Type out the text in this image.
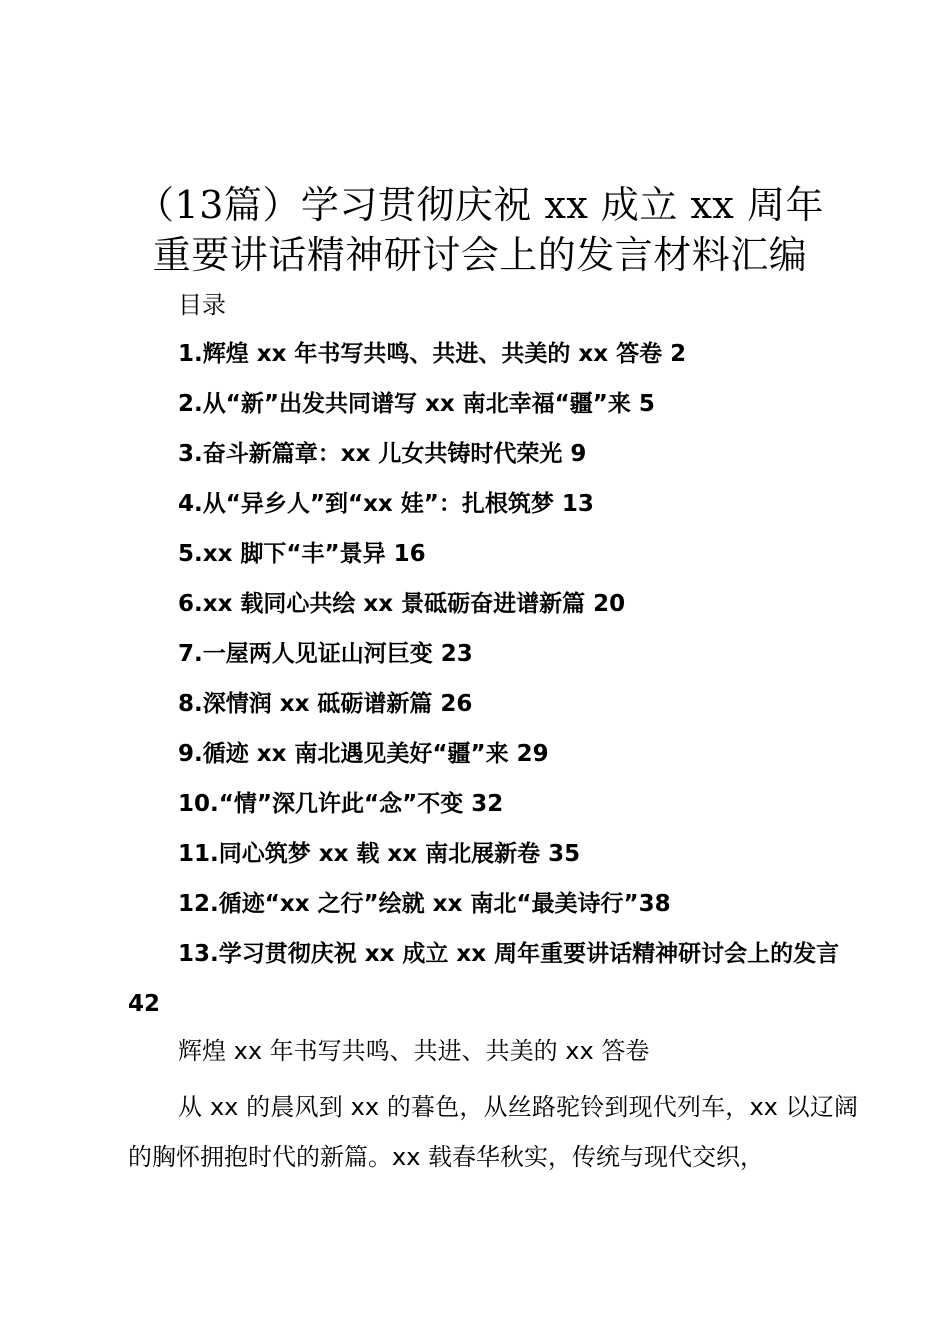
（13篇）学习贯彻庆祝 xx 成立 xx 周年
重要讲话精神研讨会上的发言材料汇编
目录
1.辉煌 xx 年书写共鸣、共进、共美的 xx 答卷 2
2.从“新”出发共同谱写 xx 南北幸福“疆”来 5
3.奋斗新篇章：xx 儿女共铸时代荣光 9
4.从“异乡人”到“xx 娃”：扎根筑梦 13
5.xx 脚下“丰”景异 16
6.xx 载同心共绘 xx 景砥砺奋进谱新篇 20
7.一屋两人见证山河巨变 23
8.深情润 xx 砥砺谱新篇 26
9.循迹 xx 南北遇见美好“疆”来 29
10.“情”深几许此“念”不变 32
11.同心筑梦 xx 载 xx 南北展新卷 35
12.循迹“xx 之行”绘就 xx 南北“最美诗行”38
13.学习贯彻庆祝 xx 成立 xx 周年重要讲话精神研讨会上的发言 42
辉煌 xx 年书写共鸣、共进、共美的 xx 答卷
从 xx 的晨风到 xx 的暮色，从丝路驼铃到现代列车，xx 以辽阔的胸怀拥抱时代的新篇。xx 载春华秋实，传统与现代交织，
